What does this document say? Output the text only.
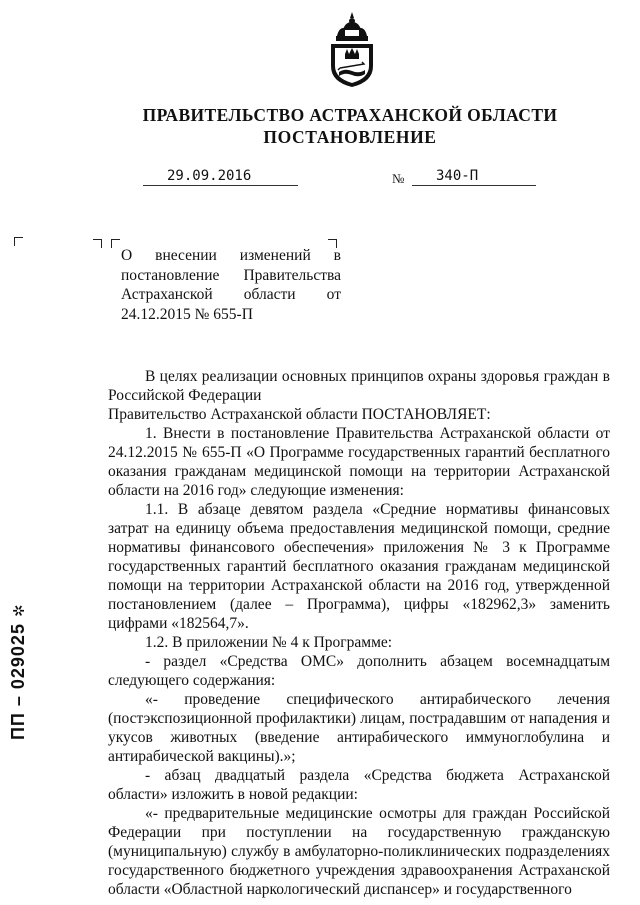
ПРАВИТЕЛЬСТВО АСТРАХАНСКОЙ ОБЛАСТИ
ПОСТАНОВЛЕНИЕ
29.09.2016	№ 340-П
О внесении изменений в постановление Правительства Астраханской области от 24.12.2015 № 655-П

В целях реализации основных принципов охраны здоровья граждан в Российской Федерации

Правительство Астраханской области ПОСТАНОВЛЯЕТ:

1. Внести в постановление Правительства Астраханской области от 24.12.2015 № 655-П «О Программе государственных гарантий бесплатного оказания гражданам медицинской помощи на территории Астраханской области на 2016 год» следующие изменения:

1.1. В абзаце девятом раздела «Средние нормативы финансовых затрат на единицу объема предоставления медицинской помощи, средние нормативы финансового обеспечения» приложения № 3 к Программе государственных гарантий бесплатного оказания гражданам медицинской помощи на территории Астраханской области на 2016 год, утвержденной постановлением (далее – Программа), цифры «182962,3» заменить цифрами «182564,7».

1.2. В приложении № 4 к Программе:

- раздел «Средства ОМС» дополнить абзацем восемнадцатым следующего содержания:

«- проведение специфического антирабического лечения (постэкспозиционной профилактики) лицам, пострадавшим от нападения и укусов животных (введение антирабического иммуноглобулина и антирабической вакцины).»;

- абзац двадцатый раздела «Средства бюджета Астраханской области» изложить в новой редакции:

«- предварительные медицинские осмотры для граждан Российской Федерации при поступлении на государственную гражданскую (муниципальную) службу в амбулаторно-поликлинических подразделениях государственного бюджетного учреждения здравоохранения Астраханской области «Областной наркологический диспансер» и государственного

ПП – 029025✲
